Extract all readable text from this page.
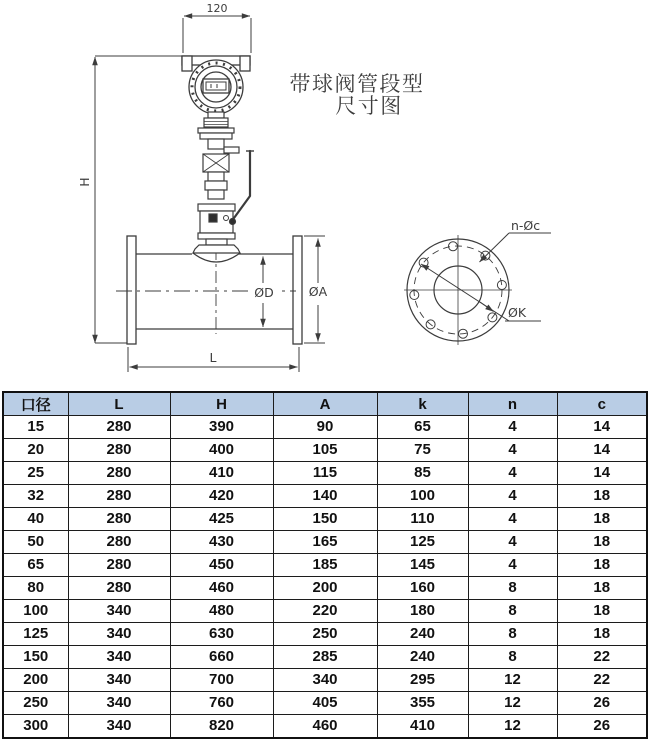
带球阀管段型
尺寸图
120
H
ØD	ØA
L
ØK
n-Øc
口径	L	H	A	k	n	c
15	280	390	90	65	4	14
20	280	400	105	75	4	14
25	280	410	115	85	4	14
32	280	420	140	100	4	18
40	280	425	150	110	4	18
50	280	430	165	125	4	18
65	280	450	185	145	4	18
80	280	460	200	160	8	18
100	340	480	220	180	8	18
125	340	630	250	240	8	18
150	340	660	285	240	8	22
200	340	700	340	295	12	22
250	340	760	405	355	12	26
300	340	820	460	410	12	26
